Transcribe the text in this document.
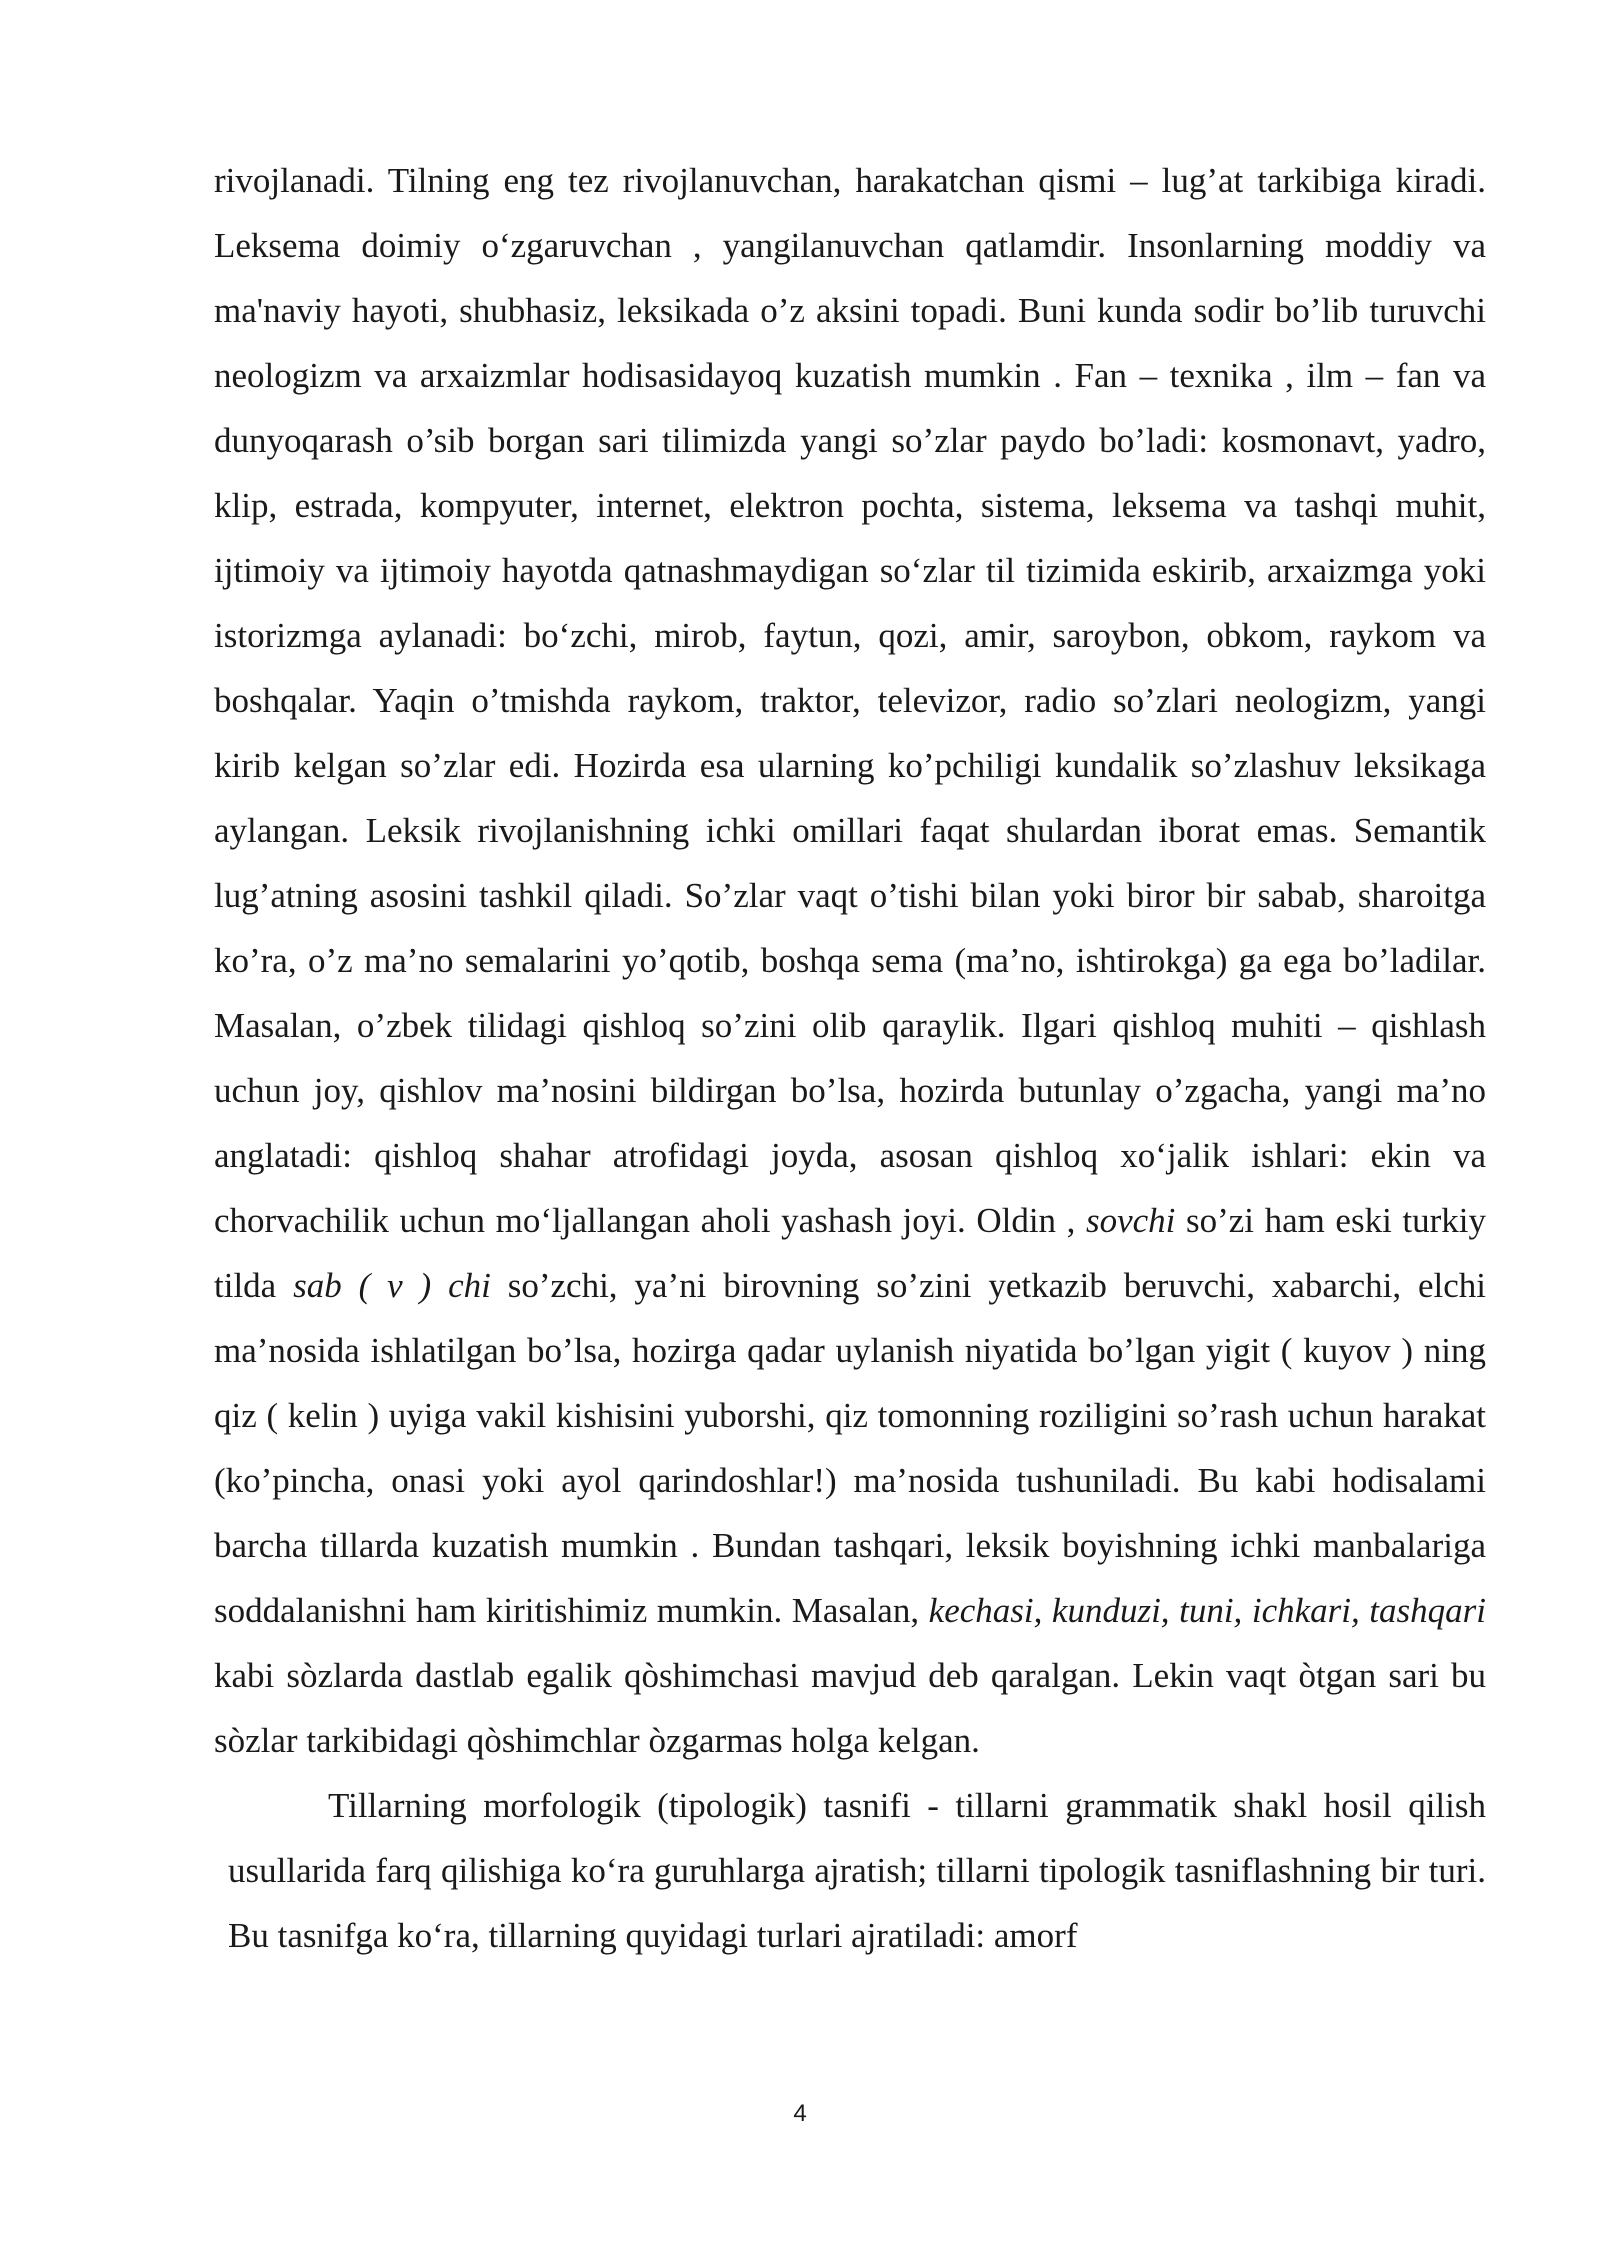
rivojlanadi. Tilning eng tez rivojlanuvchan, harakatchan qismi – lug’at tarkibiga kiradi. Leksema doimiy o‘zgaruvchan , yangilanuvchan qatlamdir. Insonlarning moddiy va ma'naviy hayoti, shubhasiz, leksikada o’z aksini topadi. Buni kunda sodir bo’lib turuvchi neologizm va arxaizmlar hodisasidayoq kuzatish mumkin . Fan – texnika , ilm – fan va dunyoqarash o’sib borgan sari tilimizda yangi so’zlar paydo bo’ladi: kosmonavt, yadro, klip, estrada, kompyuter, internet, elektron pochta, sistema, leksema va tashqi muhit, ijtimoiy va ijtimoiy hayotda qatnashmaydigan so‘zlar til tizimida eskirib, arxaizmga yoki istorizmga aylanadi: bo‘zchi, mirob, faytun, qozi, amir, saroybon, obkom, raykom va boshqalar. Yaqin o’tmishda raykom, traktor, televizor, radio so’zlari neologizm, yangi kirib kelgan so’zlar edi. Hozirda esa ularning ko’pchiligi kundalik so’zlashuv leksikaga aylangan. Leksik rivojlanishning ichki omillari faqat shulardan iborat emas. Semantik lug’atning asosini tashkil qiladi. So’zlar vaqt o’tishi bilan yoki biror bir sabab, sharoitga ko’ra, o’z ma’no semalarini yo’qotib, boshqa sema (ma’no, ishtirokga) ga ega bo’ladilar. Masalan, o’zbek tilidagi qishloq so’zini olib qaraylik. Ilgari qishloq muhiti – qishlash uchun joy, qishlov ma’nosini bildirgan bo’lsa, hozirda butunlay o’zgacha, yangi ma’no anglatadi: qishloq shahar atrofidagi joyda, asosan qishloq xo‘jalik ishlari: ekin va chorvachilik uchun mo‘ljallangan aholi yashash joyi. Oldin , sovchi so’zi ham eski turkiy tilda sab ( v ) chi so’zchi, ya’ni birovning so’zini yetkazib beruvchi, xabarchi, elchi ma’nosida ishlatilgan bo’lsa, hozirga qadar uylanish niyatida bo’lgan yigit ( kuyov ) ning qiz ( kelin ) uyiga vakil kishisini yuborshi, qiz tomonning roziligini so’rash uchun harakat (ko’pincha, onasi yoki ayol qarindoshlar!) ma’nosida tushuniladi. Bu kabi hodisalami barcha tillarda kuzatish mumkin . Bundan tashqari, leksik boyishning ichki manbalariga soddalanishni ham kiritishimiz mumkin. Masalan, kechasi, kunduzi, tuni, ichkari, tashqari kabi sòzlarda dastlab egalik qòshimchasi mavjud deb qaralgan. Lekin vaqt òtgan sari bu sòzlar tarkibidagi qòshimchlar òzgarmas holga kelgan.

Tillarning morfologik (tipologik) tasnifi - tillarni grammatik shakl hosil qilish usullarida farq qilishiga ko‘ra guruhlarga ajratish; tillarni tipologik tasniflashning bir turi. Bu tasnifga ko‘ra, tillarning quyidagi turlari ajratiladi: amorf

4
